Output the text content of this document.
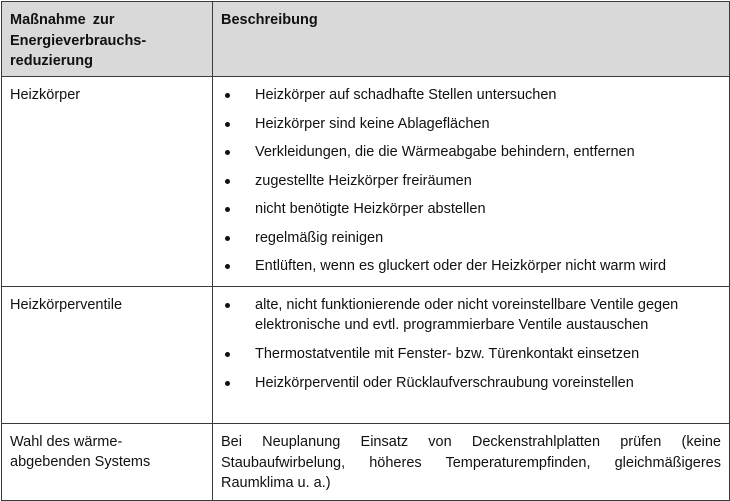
Maßnahme zur
Energieverbrauchs-
reduzierung	Beschreibung
Heizkörper	Heizkörper auf schadhafte Stellen untersuchen
Heizkörper sind keine Ablageflächen
Verkleidungen, die die Wärmeabgabe behindern, entfernen
zugestellte Heizkörper freiräumen
nicht benötigte Heizkörper abstellen
regelmäßig reinigen
Entlüften, wenn es gluckert oder der Heizkörper nicht warm wird

Heizkörperventile	alte, nicht funktionierende oder nicht voreinstellbare Ventile gegen elektronische und evtl. programmierbare Ventile austauschen
Thermostatventile mit Fenster- bzw. Türenkontakt einsetzen
Heizkörperventil oder Rücklaufverschraubung voreinstellen

Wahl des wärme-
abgebenden Systems	Bei Neuplanung Einsatz von Deckenstrahlplatten prüfen (keine Staubaufwirbelung, höheres Temperaturempfinden, gleichmäßigeres Raumklima u. a.)
